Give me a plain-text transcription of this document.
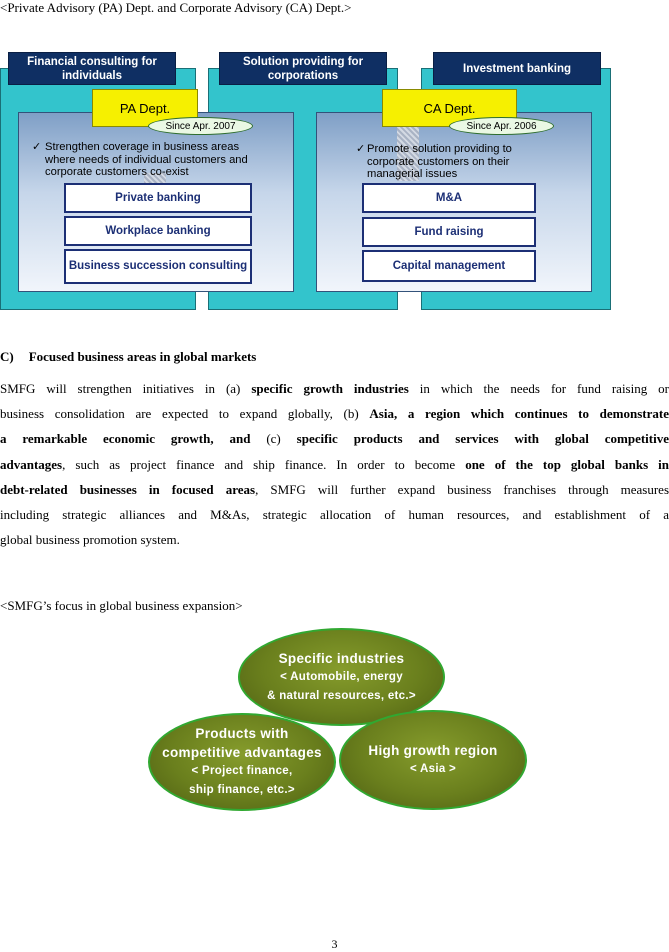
<Private Advisory (PA) Dept. and Corporate Advisory (CA) Dept.>
Financial consulting for individuals
Solution providing for corporations
Investment banking
✓ Strengthen coverage in business areas
where needs of individual customers and
corporate customers co-exist
Private banking
Workplace banking
Business succession consulting
PA Dept.
Since Apr. 2007
✓ Promote solution providing to
corporate customers on their
managerial issues
M&A
Fund raising
Capital management
CA Dept.
Since Apr. 2006
C) Focused business areas in global markets
SMFG will strengthen initiatives in (a) specific growth industries in which the needs for fund raising or
business consolidation are expected to expand globally, (b) Asia, a region which continues to demonstrate
a remarkable economic growth, and (c) specific products and services with global competitive
advantages, such as project finance and ship finance. In order to become one of the top global banks in
debt-related businesses in focused areas, SMFG will further expand business franchises through measures
including strategic alliances and M&As, strategic allocation of human resources, and establishment of a
global business promotion system.
<SMFG’s focus in global business expansion>
Specific industries
< Automobile, energy
& natural resources, etc.>
High growth region
< Asia >
Products with
competitive advantages
< Project finance,
ship finance, etc.>
3
